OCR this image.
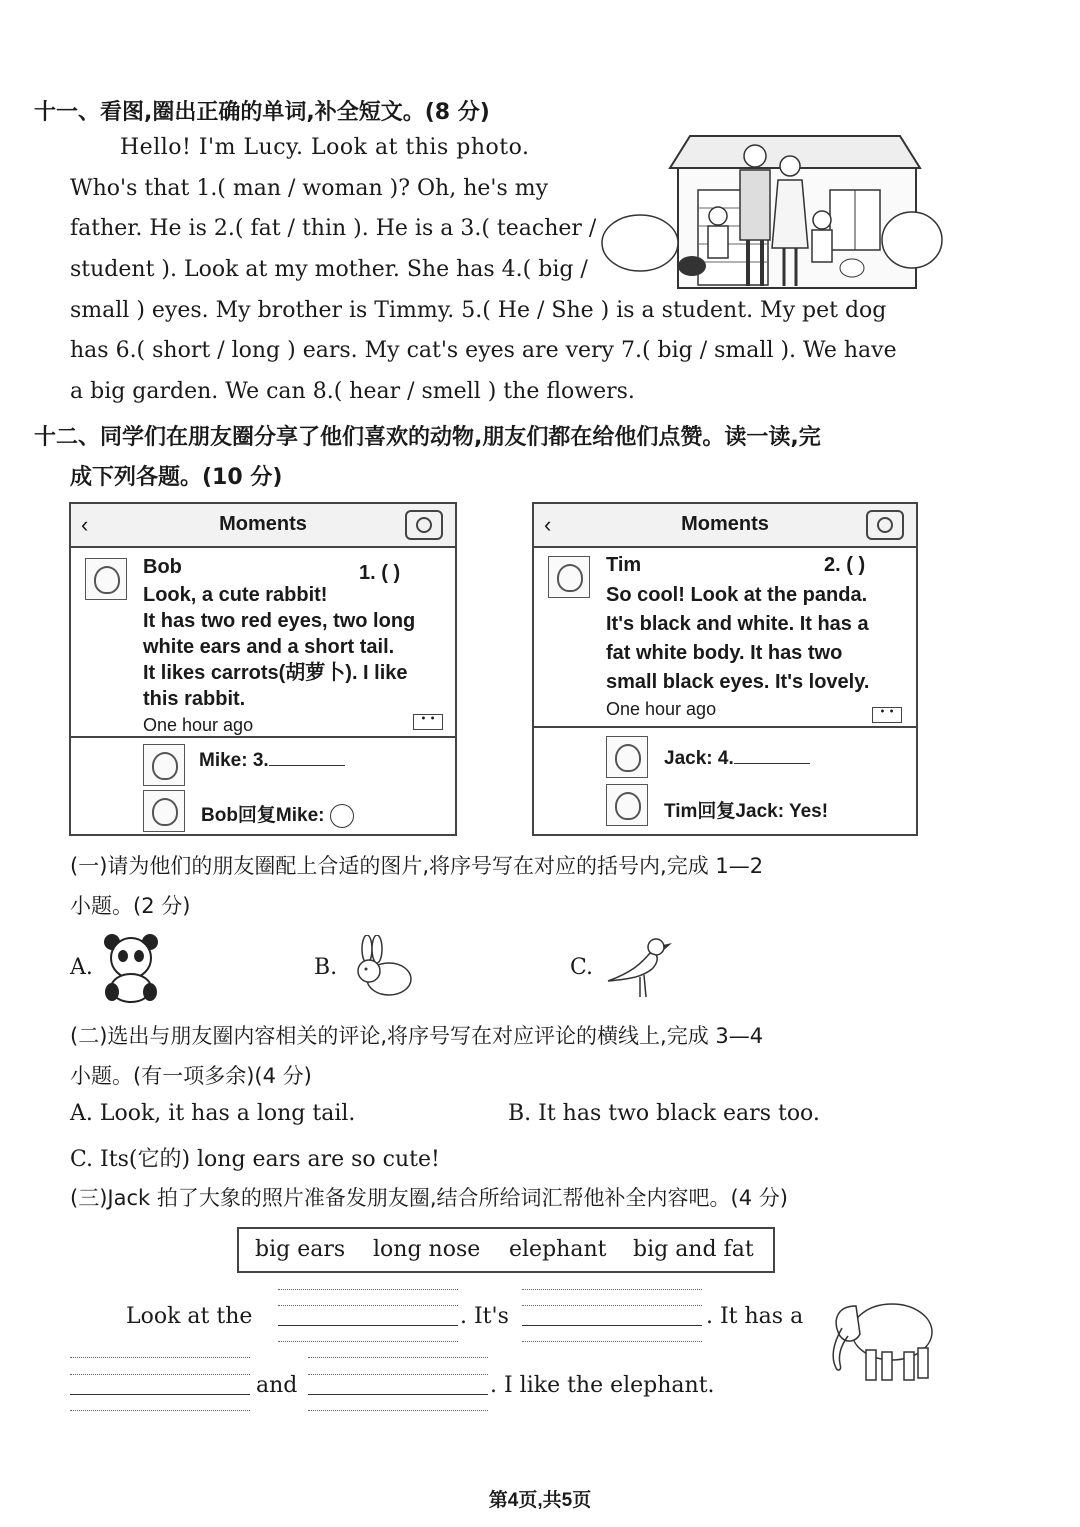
十一、看图,圈出正确的单词,补全短文。(8 分)
Hello! I'm Lucy. Look at this photo.
Who's that 1.( man / woman )? Oh, he's my
father. He is 2.( fat / thin ). He is a 3.( teacher /
student ). Look at my mother. She has 4.( big /
small ) eyes. My brother is Timmy. 5.( He / She ) is a student. My pet dog
has 6.( short / long ) ears. My cat's eyes are very 7.( big / small ). We have
a big garden. We can 8.( hear / smell ) the flowers.
十二、同学们在朋友圈分享了他们喜欢的动物,朋友们都在给他们点赞。读一读,完
成下列各题。(10 分)
‹	Moments
Bob	1. ( )
Look, a cute rabbit!
It has two red eyes, two long
white ears and a short tail.
It likes carrots(胡萝卜). I like
this rabbit.
One hour ago	• •
Mike: 3.
Bob回复Mike:
‹	Moments
Tim	2. ( )
So cool! Look at the panda.
It's black and white. It has a
fat white body. It has two
small black eyes. It's lovely.
One hour ago	• •
Jack: 4.
Tim回复Jack: Yes!
(一)请为他们的朋友圈配上合适的图片,将序号写在对应的括号内,完成 1—2
小题。(2 分)
A.	B.	C.
(二)选出与朋友圈内容相关的评论,将序号写在对应评论的横线上,完成 3—4
小题。(有一项多余)(4 分)
A. Look, it has a long tail.	B. It has two black ears too.
C. Its(它的) long ears are so cute!
(三)Jack 拍了大象的照片准备发朋友圈,结合所给词汇帮他补全内容吧。(4 分)
big ears long nose elephant big and fat
Look at the	. It's	. It has a
and	. I like the elephant.
第4页,共5页
